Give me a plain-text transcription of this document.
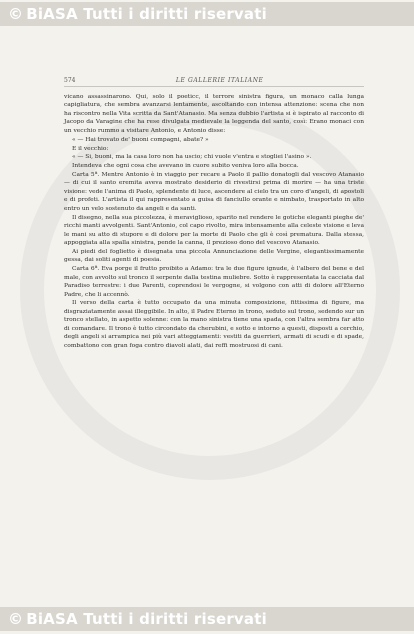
© BiASA Tutti i diritti riservati
574	LE GALLERIE ITALIANE

vicano assassinarono. Qui, solo il poeticc, il terrore sinistra figura, un monaco calla lunga capigliatura, che sembra avanzarsi lentamente, ascoltando con intensa attenzione: scena che non ha riscontro nella Vita scritta da Sant'Atanasio. Ma senza dubbio l'artista si è ispirato al racconto di Jacopo da Varagine che ha rese divulgata medievale la leggenda del santo, così: Erano monaci con un vecchio rummo a visitare Antonio, e Antonio disse:

« — Hai trovato de' buoni compagni, abate? »

E il vecchio:

« — Si, buoni, ma la casa loro non ha uscio; chi vuole v'entra e stogliei l'asino ».

Intendeva che ogni cosa che avevano in cuore subito veniva loro alla bocca.

Carta 5ª. Mentre Antonio è in viaggio per recare a Paolo il pallio donatogli dal vescovo Atanasio — di cui il santo eremita aveva mostrato desiderio di rivestirsi prima di morire — ha una triste visione: vede l'anima di Paolo, splendente di luce, ascendere al cielo tra un coro d'angeli, di apostoli e di profeti. L'artista il qui rappresentato a guisa di fanciullo orante e nimbato, trasportato in alto entro un velo sostenuto da angeli e da santi.

Il disegno, nella sua piccolezza, è meraviglioso, sparito nel rendere le gotiche eleganti pieghe de' ricchi manti avvolgenti. Sant'Antonio, col capo rivolto, mira intensamente alla celeste visione e leva le mani su atto di stupore e di dolore per la morte di Paolo che gli è così prematura. Dalla stessa, appoggiata alla spalla sinistra, pende la canna, il prezioso dono del vescovo Atanasio.

Ai piedi del foglietto è disegnata una piccola Annunciazione delle Vergine, elegantissimamente gessa, dai soliti agenti di poesia.

Carta 6ª. Eva porge il frutto proibito a Adamo: tra le due figure ignude, è l'albero del bene e del male, con avvolto sul tronco il serpente dalla testina muliebre. Sotto è rappresentata la cacciata dal Paradiso terrestre: i due Parenti, coprendosi le vergogne, si volgono con atti di dolore all'Eterno Padre, che li accennò.

Il verso della carta è tutto occupato da una minuta composizione, fittissima di figure, ma disgraziatamente assai illeggibile. In alto, il Padre Eterno in trono, seduto sul trono, sedendo sur un tronco stellato, in aspetto solenne: con la mano sinistra tiene una spada, con l'altra sembra far atto di comandare. Il trono è tutto circondato da cherubini, e sotto e intorno a questi, disposti a cerchio, degli angeli si arrampica nei più vari atteggiamenti: vestiti da guerrieri, armati di scudi e di spade, combattono con gran foga contro diavoli alati, dai reffi mostruosi di cani.

© BiASA Tutti i diritti riservati
